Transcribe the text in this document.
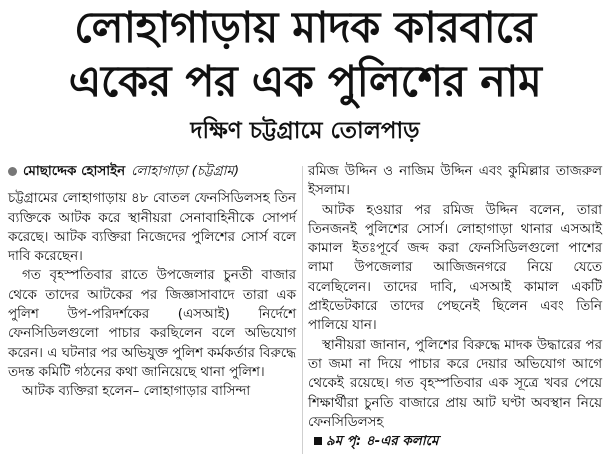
লোহাগাড়ায় মাদক কারবারে
একের পর এক পুলিশের নাম
দক্ষিণ চট্টগ্রামে তোলপাড়
মোছাদ্দেক হোসাইন লোহাগাড়া (চট্টগ্রাম)

চট্টগ্রামের লোহাগাড়ায় ৪৮ বোতল ফেনসিডিলসহ তিন ব্যক্তিকে আটক করে স্থানীয়রা সেনাবাহিনীকে সোপর্দ করেছে। আটক ব্যক্তিরা নিজেদের পুলিশের সোর্স বলে দাবি করেছেন।

গত বৃহস্পতিবার রাতে উপজেলার চুনতী বাজার থেকে তাদের আটকের পর জিজ্ঞাসাবাদে তারা এক পুলিশ উপ-পরিদর্শকের (এসআই) নির্দেশে ফেনসিডিলগুলো পাচার করছিলেন বলে অভিযোগ করেন। এ ঘটনার পর অভিযুক্ত পুলিশ কর্মকর্তার বিরুদ্ধে তদন্ত কমিটি গঠনের কথা জানিয়েছে থানা পুলিশ।

আটক ব্যক্তিরা হলেন– লোহাগাড়ার বাসিন্দা

রমিজ উদ্দিন ও নাজিম উদ্দিন এবং কুমিল্লার তাজরুল ইসলাম।

আটক হওয়ার পর রমিজ উদ্দিন বলেন, তারা তিনজনই পুলিশের সোর্স। লোহাগাড়া থানার এসআই কামাল ইতঃপূর্বে জব্দ করা ফেনসিডিলগুলো পাশের লামা উপজেলার আজিজনগরে নিয়ে যেতে বলেছিলেন। তাদের দাবি, এসআই কামাল একটি প্রাইভেটকারে তাদের পেছনেই ছিলেন এবং তিনি পালিয়ে যান।

স্থানীয়রা জানান, পুলিশের বিরুদ্ধে মাদক উদ্ধারের পর তা জমা না দিয়ে পাচার করে দেয়ার অভিযোগ আগে থেকেই রয়েছে। গত বৃহস্পতিবার এক সূত্রে খবর পেয়ে শিক্ষার্থীরা চুনতি বাজারে প্রায় আট ঘণ্টা অবস্থান নিয়ে ফেনসিডিলসহ

৯ম পৃ: ৪-এর কলামে
